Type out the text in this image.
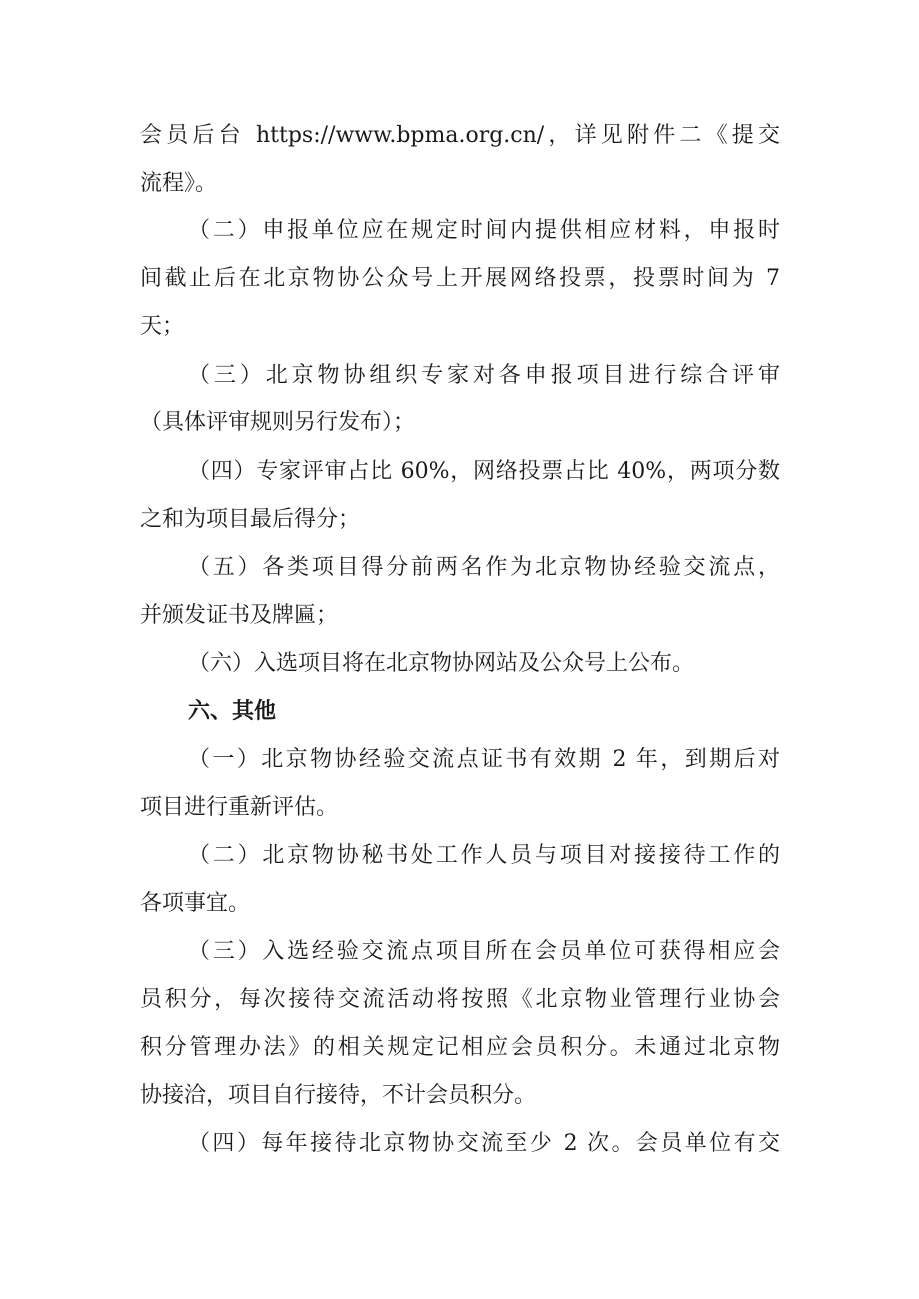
会员后台 https://www.bpma.org.cn/，详见附件二《提交
流程》。
（二）申报单位应在规定时间内提供相应材料，申报时
间截止后在北京物协公众号上开展网络投票，投票时间为 7
天；
（三）北京物协组织专家对各申报项目进行综合评审
（具体评审规则另行发布）；
（四）专家评审占比 60%，网络投票占比 40%，两项分数
之和为项目最后得分；
（五）各类项目得分前两名作为北京物协经验交流点，
并颁发证书及牌匾；
（六）入选项目将在北京物协网站及公众号上公布。
六、其他
（一）北京物协经验交流点证书有效期 2 年，到期后对
项目进行重新评估。
（二）北京物协秘书处工作人员与项目对接接待工作的
各项事宜。
（三）入选经验交流点项目所在会员单位可获得相应会
员积分，每次接待交流活动将按照《北京物业管理行业协会
积分管理办法》的相关规定记相应会员积分。未通过北京物
协接洽，项目自行接待，不计会员积分。
（四）每年接待北京物协交流至少 2 次。会员单位有交
